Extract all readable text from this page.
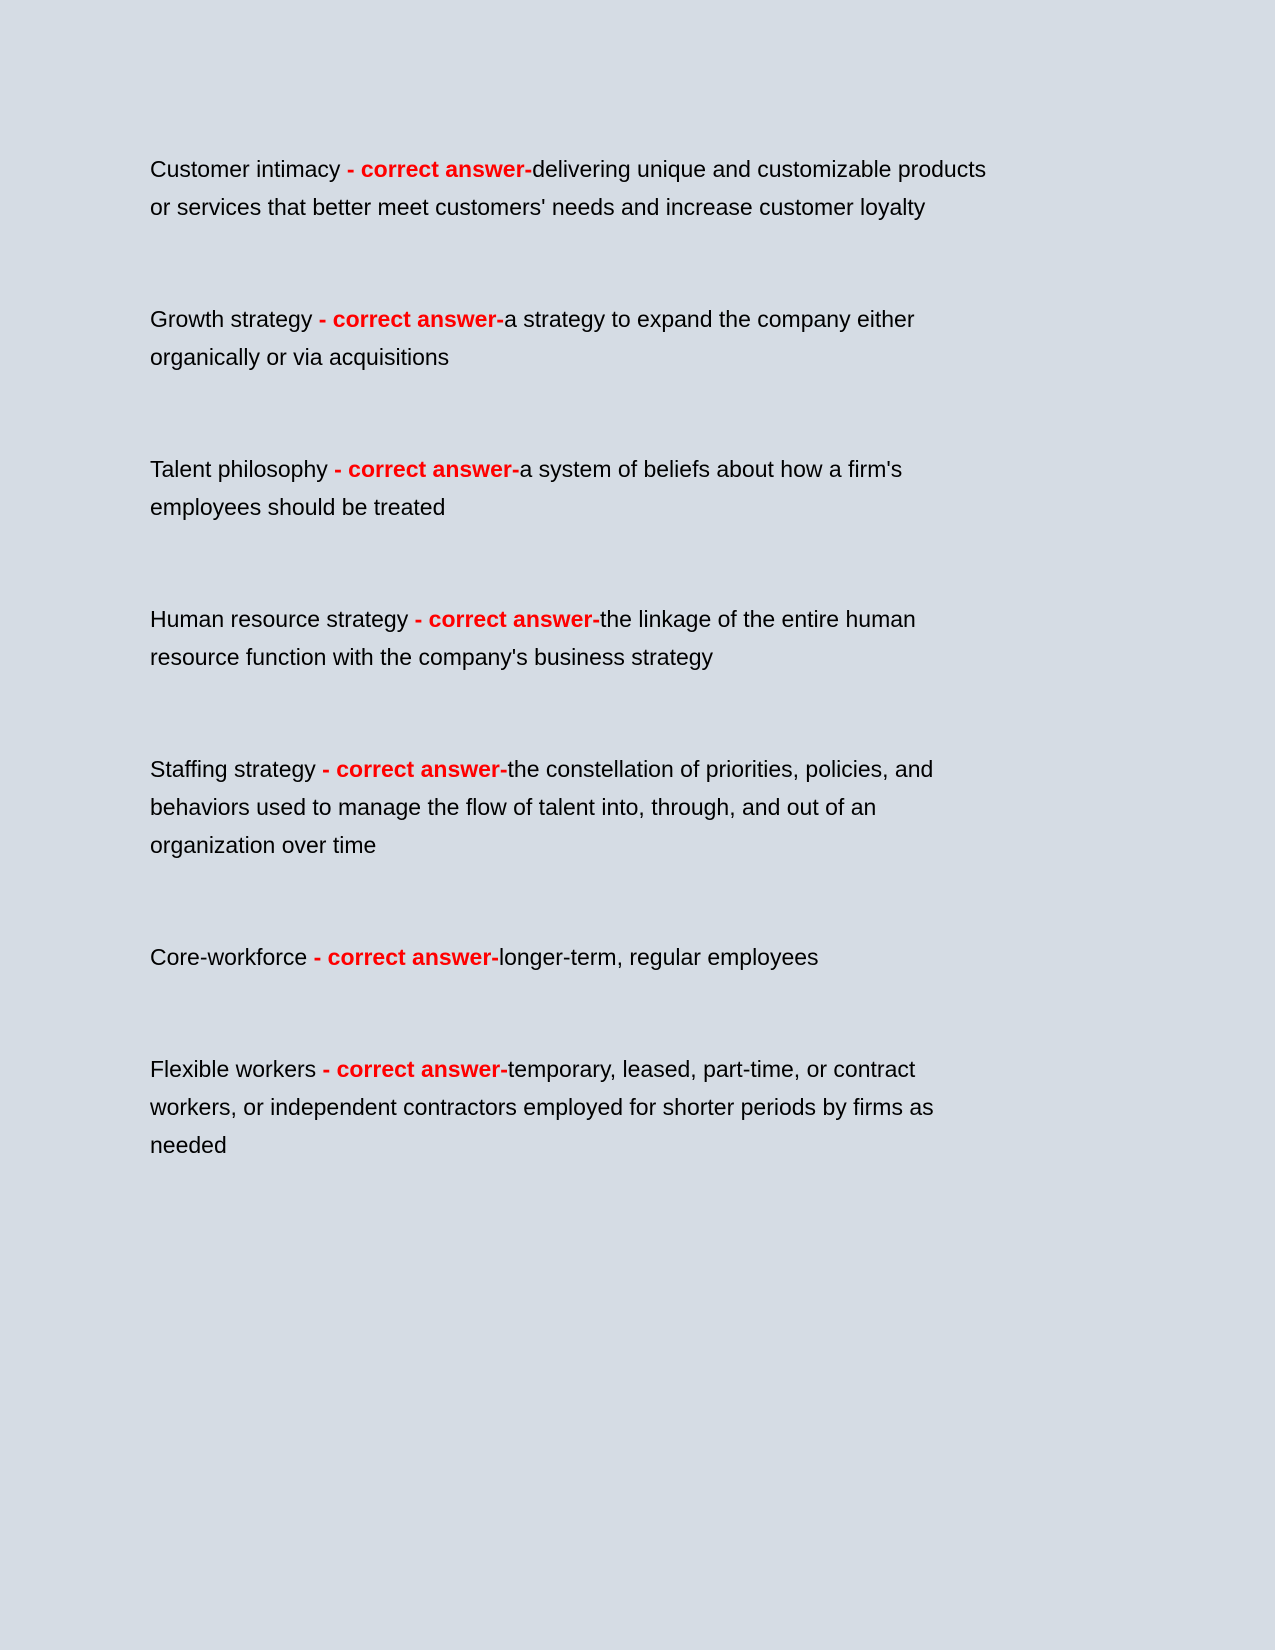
Customer intimacy - correct answer-delivering unique and customizable products
or services that better meet customers' needs and increase customer loyalty
Growth strategy - correct answer-a strategy to expand the company either
organically or via acquisitions
Talent philosophy - correct answer-a system of beliefs about how a firm's
employees should be treated
Human resource strategy - correct answer-the linkage of the entire human
resource function with the company's business strategy
Staffing strategy - correct answer-the constellation of priorities, policies, and
behaviors used to manage the flow of talent into, through, and out of an
organization over time
Core-workforce - correct answer-longer-term, regular employees
Flexible workers - correct answer-temporary, leased, part-time, or contract
workers, or independent contractors employed for shorter periods by firms as
needed
